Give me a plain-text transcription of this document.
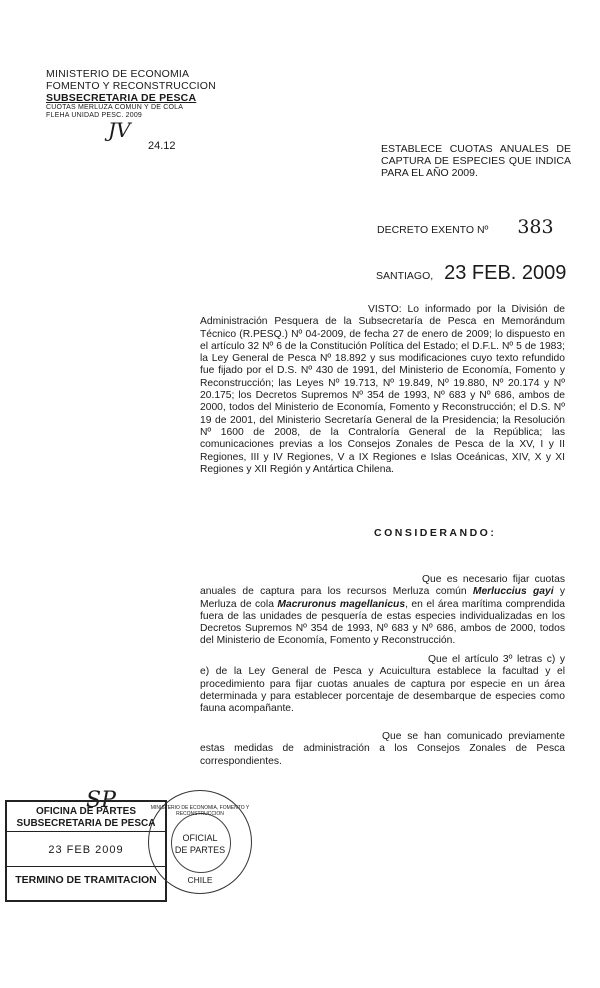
MINISTERIO DE ECONOMIA
FOMENTO Y RECONSTRUCCION
SUBSECRETARIA DE PESCA
CUOTAS MERLUZA COMUN Y DE COLA
FLEHA UNIDAD PESC. 2009
JV
24.12	ESTABLECE CUOTAS ANUALES DE CAPTURA DE ESPECIES QUE INDICA PARA EL AÑO 2009.
DECRETO EXENTO Nº 383
SANTIAGO, 23 FEB. 2009
VISTO: Lo informado por la División de Administración Pesquera de la Subsecretaría de Pesca en Memorándum Técnico (R.PESQ.) Nº 04-2009, de fecha 27 de enero de 2009; lo dispuesto en el artículo 32 Nº 6 de la Constitución Política del Estado; el D.F.L. Nº 5 de 1983; la Ley General de Pesca Nº 18.892 y sus modificaciones cuyo texto refundido fue fijado por el D.S. Nº 430 de 1991, del Ministerio de Economía, Fomento y Reconstrucción; las Leyes Nº 19.713, Nº 19.849, Nº 19.880, Nº 20.174 y Nº 20.175; los Decretos Supremos Nº 354 de 1993, Nº 683 y Nº 686, ambos de 2000, todos del Ministerio de Economía, Fomento y Reconstrucción; el D.S. Nº 19 de 2001, del Ministerio Secretaría General de la Presidencia; la Resolución Nº 1600 de 2008, de la Contraloría General de la República; las comunicaciones previas a los Consejos Zonales de Pesca de la XV, I y II Regiones, III y IV Regiones, V a IX Regiones e Islas Oceánicas, XIV, X y XI Regiones y XII Región y Antártica Chilena.
CONSIDERANDO:
Que es necesario fijar cuotas anuales de captura para los recursos Merluza común Merluccius gayi y Merluza de cola Macruronus magellanicus, en el área marítima comprendida fuera de las unidades de pesquería de estas especies individualizadas en los Decretos Supremos Nº 354 de 1993, Nº 683 y Nº 686, ambos de 2000, todos del Ministerio de Economía, Fomento y Reconstrucción.
Que el artículo 3º letras c) y e) de la Ley General de Pesca y Acuicultura establece la facultad y el procedimiento para fijar cuotas anuales de captura por especie en un área determinada y para establecer porcentaje de desembarque de especies como fauna acompañante.
Que se han comunicado previamente estas medidas de administración a los Consejos Zonales de Pesca correspondientes.
SP
OFICINA DE PARTES
SUBSECRETARIA DE PESCA
23 FEB 2009
TERMINO DE TRAMITACION
MINISTERIO DE ECONOMIA, FOMENTO Y RECONSTRUCCION
OFICIAL
DE PARTES
CHILE
